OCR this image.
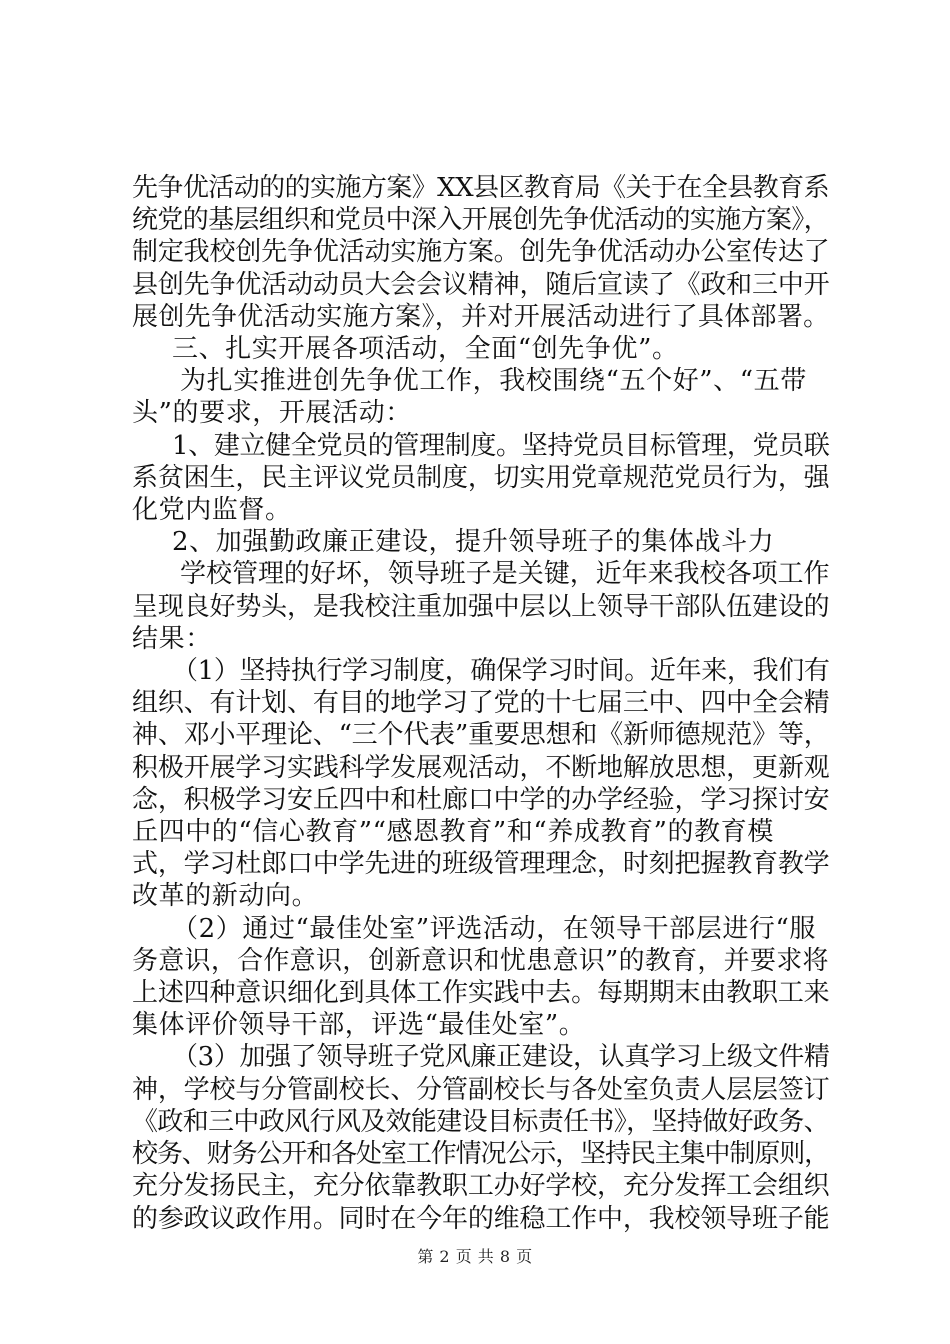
先争优活动的的实施方案》XX县区教育局《关于在全县教育系
统党的基层组织和党员中深入开展创先争优活动的实施方案》，
制定我校创先争优活动实施方案。创先争优活动办公室传达了
县创先争优活动动员大会会议精神，随后宣读了《政和三中开
展创先争优活动实施方案》，并对开展活动进行了具体部署。
三、扎实开展各项活动，全面“创先争优”。
为扎实推进创先争优工作，我校围绕“五个好”、“五带
头”的要求，开展活动：
1、建立健全党员的管理制度。坚持党员目标管理，党员联
系贫困生，民主评议党员制度，切实用党章规范党员行为，强
化党内监督。
2、加强勤政廉正建设，提升领导班子的集体战斗力
学校管理的好坏，领导班子是关键，近年来我校各项工作
呈现良好势头，是我校注重加强中层以上领导干部队伍建设的
结果：
（1）坚持执行学习制度，确保学习时间。近年来，我们有
组织、有计划、有目的地学习了党的十七届三中、四中全会精
神、邓小平理论、“三个代表”重要思想和《新师德规范》等，
积极开展学习实践科学发展观活动，不断地解放思想，更新观
念，积极学习安丘四中和杜廊口中学的办学经验，学习探讨安
丘四中的“信心教育”“感恩教育”和“养成教育”的教育模
式，学习杜郎口中学先进的班级管理理念，时刻把握教育教学
改革的新动向。
（2）通过“最佳处室”评选活动，在领导干部层进行“服
务意识，合作意识，创新意识和忧患意识”的教育，并要求将
上述四种意识细化到具体工作实践中去。每期期末由教职工来
集体评价领导干部，评选“最佳处室”。
（3）加强了领导班子党风廉正建设，认真学习上级文件精
神，学校与分管副校长、分管副校长与各处室负责人层层签订
《政和三中政风行风及效能建设目标责任书》，坚持做好政务、
校务、财务公开和各处室工作情况公示，坚持民主集中制原则，
充分发扬民主，充分依靠教职工办好学校，充分发挥工会组织
的参政议政作用。同时在今年的维稳工作中，我校领导班子能
第 2 页 共 8 页
